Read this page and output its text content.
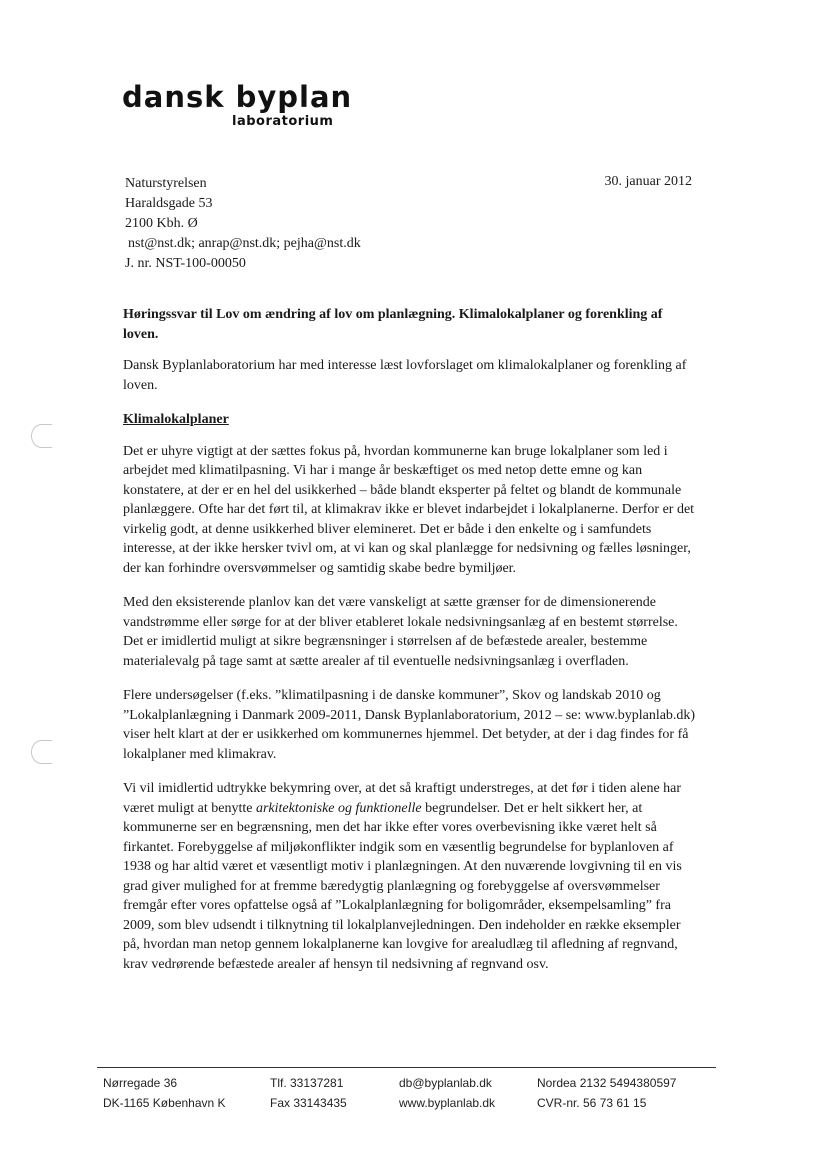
dansk byplan
laboratorium
Naturstyrelsen
Haraldsgade 53
2100 Kbh. Ø
nst@nst.dk; anrap@nst.dk; pejha@nst.dk
J. nr. NST-100-00050
30. januar 2012

Høringssvar til Lov om ændring af lov om planlægning. Klimalokalplaner og forenkling af loven.

Dansk Byplanlaboratorium har med interesse læst lovforslaget om klimalokalplaner og forenkling af loven.

Klimalokalplaner

Det er uhyre vigtigt at der sættes fokus på, hvordan kommunerne kan bruge lokalplaner som led i arbejdet med klimatilpasning. Vi har i mange år beskæftiget os med netop dette emne og kan konstatere, at der er en hel del usikkerhed – både blandt eksperter på feltet og blandt de kommunale planlæggere. Ofte har det ført til, at klimakrav ikke er blevet indarbejdet i lokalplanerne. Derfor er det virkelig godt, at denne usikkerhed bliver elemineret. Det er både i den enkelte og i samfundets interesse, at der ikke hersker tvivl om, at vi kan og skal planlægge for nedsivning og fælles løsninger, der kan forhindre oversvømmelser og samtidig skabe bedre bymiljøer.

Med den eksisterende planlov kan det være vanskeligt at sætte grænser for de dimensionerende vandstrømme eller sørge for at der bliver etableret lokale nedsivningsanlæg af en bestemt størrelse. Det er imidlertid muligt at sikre begrænsninger i størrelsen af de befæstede arealer, bestemme materialevalg på tage samt at sætte arealer af til eventuelle nedsivningsanlæg i overfladen.

Flere undersøgelser (f.eks. ”klimatilpasning i de danske kommuner”, Skov og landskab 2010 og ”Lokalplanlægning i Danmark 2009-2011, Dansk Byplanlaboratorium, 2012 – se: www.byplanlab.dk) viser helt klart at der er usikkerhed om kommunernes hjemmel. Det betyder, at der i dag findes for få lokalplaner med klimakrav.

Vi vil imidlertid udtrykke bekymring over, at det så kraftigt understreges, at det før i tiden alene har været muligt at benytte arkitektoniske og funktionelle begrundelser. Det er helt sikkert her, at kommunerne ser en begrænsning, men det har ikke efter vores overbevisning ikke været helt så firkantet. Forebyggelse af miljøkonflikter indgik som en væsentlig begrundelse for byplanloven af 1938 og har altid været et væsentligt motiv i planlægningen. At den nuværende lovgivning til en vis grad giver mulighed for at fremme bæredygtig planlægning og forebyggelse af oversvømmelser fremgår efter vores opfattelse også af ”Lokalplanlægning for boligområder, eksempelsamling” fra 2009, som blev udsendt i tilknytning til lokalplanvejledningen. Den indeholder en række eksempler på, hvordan man netop gennem lokalplanerne kan lovgive for arealudlæg til afledning af regnvand, krav vedrørende befæstede arealer af hensyn til nedsivning af regnvand osv.

Nørregade 36
DK-1165 København K
Tlf. 33137281
Fax 33143435
db@byplanlab.dk
www.byplanlab.dk
Nordea 2132 5494380597
CVR-nr. 56 73 61 15
